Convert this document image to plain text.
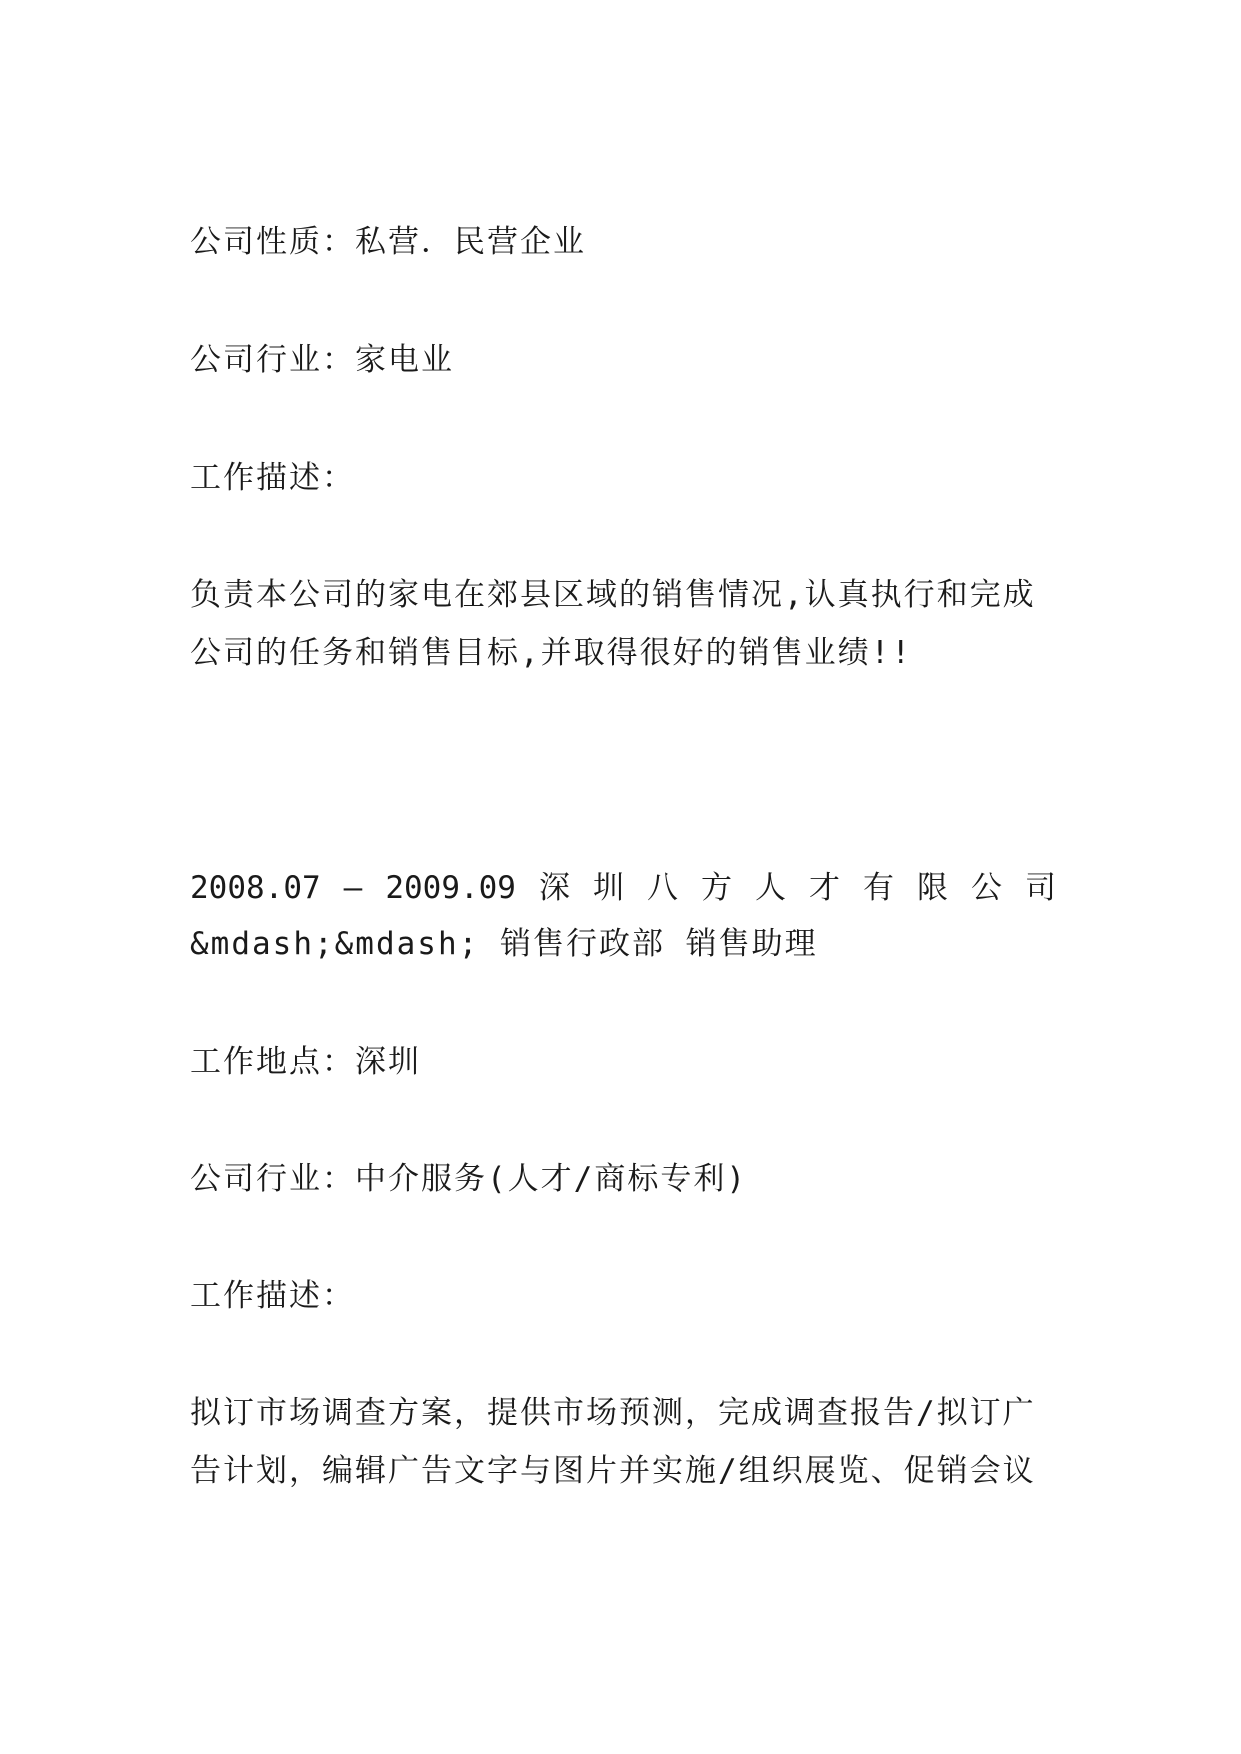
公司性质：私营．民营企业
公司行业：家电业
工作描述：
负责本公司的家电在郊县区域的销售情况,认真执行和完成
公司的任务和销售目标,并取得很好的销售业绩!!
2008.07 – 2009.09 深 圳 八 方 人 才 有 限 公 司
&mdash;&mdash; 销售行政部 销售助理
工作地点：深圳
公司行业：中介服务(人才/商标专利)
工作描述：
拟订市场调查方案，提供市场预测，完成调查报告/拟订广
告计划，编辑广告文字与图片并实施/组织展览、促销会议
